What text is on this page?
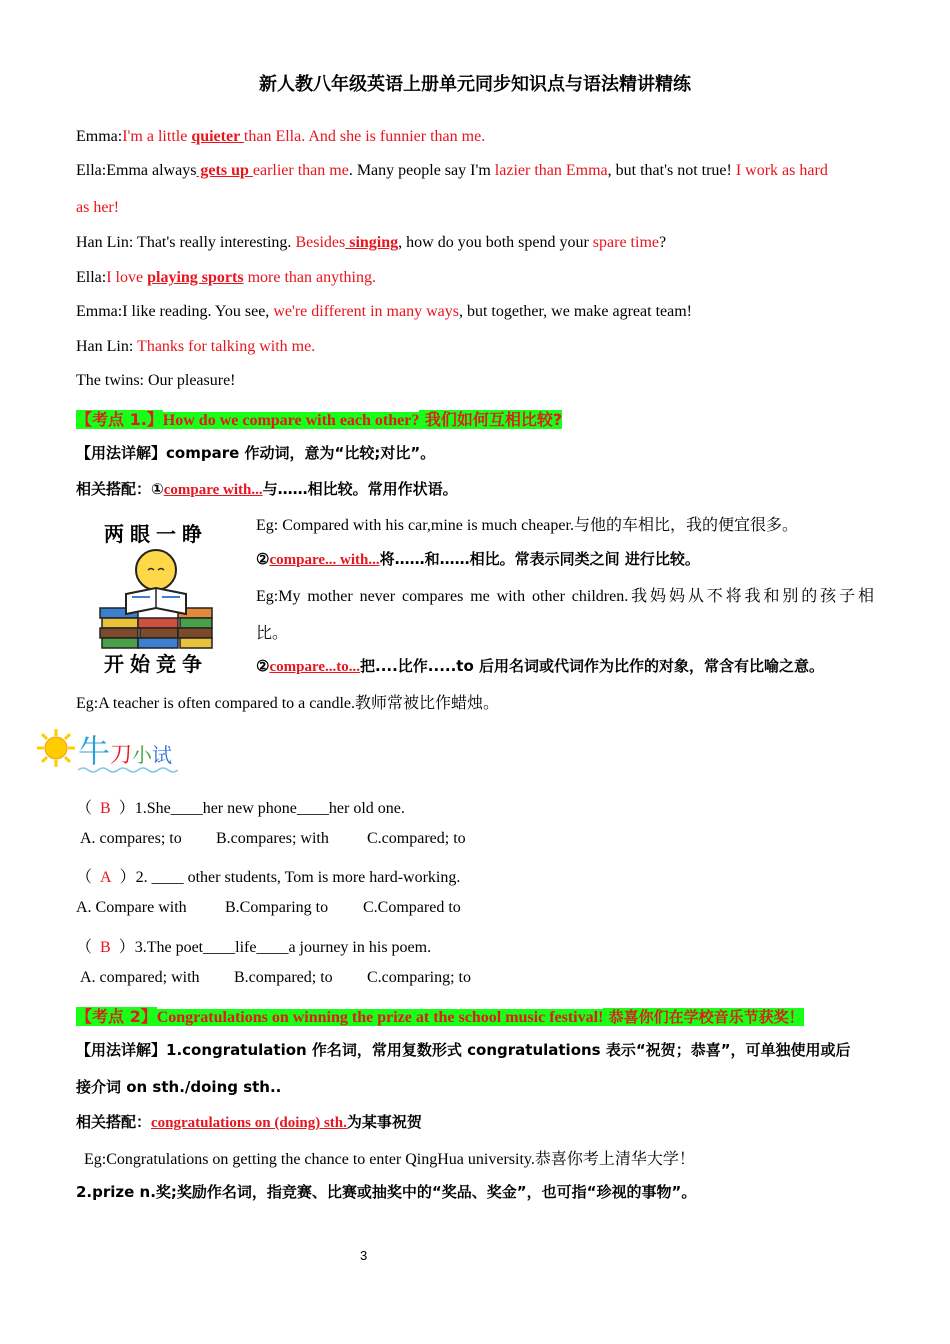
新人教八年级英语上册单元同步知识点与语法精讲精练
Emma:I'm a little quieter than Ella. And she is funnier than me.
Ella:Emma always gets up earlier than me. Many people say I'm lazier than Emma, but that's not true! I work as hard
as her!
Han Lin: That's really interesting. Besides singing, how do you both spend your spare time?
Ella:I love playing sports more than anything.
Emma:I like reading. You see, we're different in many ways, but together, we make agreat team!
Han Lin: Thanks for talking with me.
The twins: Our pleasure!
【考点 1.】How do we compare with each other? 我们如何互相比较?
【用法详解】compare 作动词，意为“比较;对比”。
相关搭配：①compare with...与……相比较。常用作状语。
两眼一睁
开始竞争
Eg: Compared with his car,mine is much cheaper.与他的车相比，我的便宜很多。
②compare... with...将……和……相比。常表示同类之间 进行比较。
Eg:My mother never compares me with other children.我妈妈从不将我和别的孩子相
比。
②compare...to...把....比作.....to 后用名词或代词作为比作的对象，常含有比喻之意。
Eg:A teacher is often compared to a candle.教师常被比作蜡烛。
牛刀小试
（ B ）1.She____her new phone____her old one.
A. compares; to B.compares; with C.compared; to
（ A ）2. ____ other students, Tom is more hard-working.
A. Compare with B.Comparing to C.Compared to
（ B ）3.The poet____life____a journey in his poem.
A. compared; with B.compared; to C.comparing; to
【考点 2】Congratulations on winning the prize at the school music festival! 恭喜你们在学校音乐节获奖！
【用法详解】1.congratulation 作名词，常用复数形式 congratulations 表示“祝贺；恭喜”，可单独使用或后
接介词 on sth./doing sth..
相关搭配：congratulations on (doing) sth.为某事祝贺
Eg:Congratulations on getting the chance to enter QingHua university.恭喜你考上清华大学！
2.prize n.奖;奖励作名词，指竞赛、比赛或抽奖中的“奖品、奖金”，也可指“珍视的事物”。
3
